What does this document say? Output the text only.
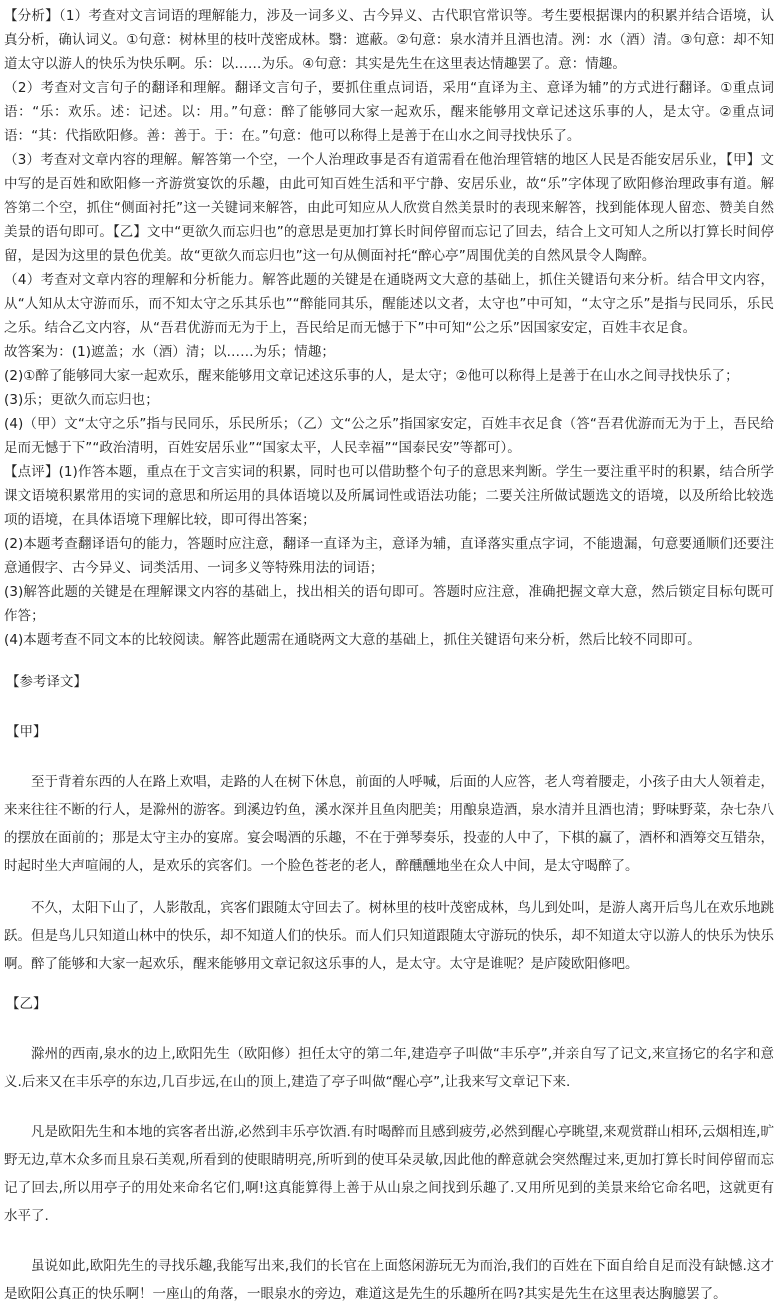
【分析】（1）考查对文言词语的理解能力，涉及一词多义、古今异义、古代职官常识等。考生要根据课内的积累并结合语境，认真分析，确认词义。①句意：树林里的枝叶茂密成林。翳：遮蔽。②句意：泉水清并且酒也清。洌：水（酒）清。③句意：却不知道太守以游人的快乐为快乐啊。乐：以……为乐。④句意：其实是先生在这里表达情趣罢了。意：情趣。

（2）考查对文言句子的翻译和理解。翻译文言句子，要抓住重点词语，采用“直译为主、意译为辅”的方式进行翻译。①重点词语：“乐：欢乐。述：记述。以：用。”句意：醉了能够同大家一起欢乐，醒来能够用文章记述这乐事的人，是太守。②重点词语：“其：代指欧阳修。善：善于。于：在。”句意：他可以称得上是善于在山水之间寻找快乐了。

（3）考查对文章内容的理解。解答第一个空，一个人治理政事是否有道需看在他治理管辖的地区人民是否能安居乐业，【甲】文中写的是百姓和欧阳修一齐游赏宴饮的乐趣，由此可知百姓生活和平宁静、安居乐业，故“乐”字体现了欧阳修治理政事有道。解答第二个空，抓住“侧面衬托”这一关键词来解答，由此可知应从人欣赏自然美景时的表现来解答，找到能体现人留恋、赞美自然美景的语句即可。【乙】文中“更欲久而忘归也”的意思是更加打算长时间停留而忘记了回去，结合上文可知人之所以打算长时间停留，是因为这里的景色优美。故“更欲久而忘归也”这一句从侧面衬托“醉心亭”周围优美的自然风景令人陶醉。

（4）考查对文章内容的理解和分析能力。解答此题的关键是在通晓两文大意的基础上，抓住关键语句来分析。结合甲文内容，从“人知从太守游而乐，而不知太守之乐其乐也”“醉能同其乐，醒能述以文者，太守也”中可知，“太守之乐”是指与民同乐，乐民之乐。结合乙文内容，从“吾君优游而无为于上，吾民给足而无憾于下”中可知“公之乐”因国家安定，百姓丰衣足食。

故答案为：(1)遮盖；水（酒）清；以……为乐；情趣；

(2)①醉了能够同大家一起欢乐，醒来能够用文章记述这乐事的人，是太守；②他可以称得上是善于在山水之间寻找快乐了；

(3)乐；更欲久而忘归也；

(4)（甲）文“太守之乐”指与民同乐，乐民所乐；（乙）文“公之乐”指国家安定，百姓丰衣足食（答“吾君优游而无为于上，吾民给足而无憾于下”“政治清明，百姓安居乐业”“国家太平，人民幸福”“国泰民安”等都可）。

【点评】(1)作答本题，重点在于文言实词的积累，同时也可以借助整个句子的意思来判断。学生一要注重平时的积累，结合所学课文语境积累常用的实词的意思和所运用的具体语境以及所属词性或语法功能；二要关注所做试题选文的语境，以及所给比较选项的语境，在具体语境下理解比较，即可得出答案；

(2)本题考查翻译语句的能力，答题时应注意，翻译一直译为主，意译为辅，直译落实重点字词，不能遗漏，句意要通顺们还要注意通假字、古今异义、词类活用、一词多义等特殊用法的词语；

(3)解答此题的关键是在理解课文内容的基础上，找出相关的语句即可。答题时应注意，准确把握文章大意，然后锁定目标句既可作答；

(4)本题考查不同文本的比较阅读。解答此题需在通晓两文大意的基础上，抓住关键语句来分析，然后比较不同即可。

【参考译文】

【甲】

至于背着东西的人在路上欢唱，走路的人在树下休息，前面的人呼喊，后面的人应答，老人弯着腰走，小孩子由大人领着走，来来往往不断的行人，是滁州的游客。到溪边钓鱼，溪水深并且鱼肉肥美；用酿泉造酒，泉水清并且酒也清；野味野菜，杂七杂八的摆放在面前的；那是太守主办的宴席。宴会喝酒的乐趣，不在于弹琴奏乐，投壶的人中了，下棋的赢了，酒杯和酒筹交互错杂，时起时坐大声喧闹的人，是欢乐的宾客们。一个脸色苍老的老人，醉醺醺地坐在众人中间，是太守喝醉了。

不久，太阳下山了，人影散乱，宾客们跟随太守回去了。树林里的枝叶茂密成林，鸟儿到处叫，是游人离开后鸟儿在欢乐地跳跃。但是鸟儿只知道山林中的快乐，却不知道人们的快乐。而人们只知道跟随太守游玩的快乐，却不知道太守以游人的快乐为快乐啊。醉了能够和大家一起欢乐，醒来能够用文章记叙这乐事的人，是太守。太守是谁呢？是庐陵欧阳修吧。

【乙】

滁州的西南,泉水的边上,欧阳先生（欧阳修）担任太守的第二年,建造亭子叫做“丰乐亭”,并亲自写了记文,来宣扬它的名字和意义.后来又在丰乐亭的东边,几百步远,在山的顶上,建造了亭子叫做“醒心亭”,让我来写文章记下来.

凡是欧阳先生和本地的宾客者出游,必然到丰乐亭饮酒.有时喝醉而且感到疲劳,必然到醒心亭眺望,来观赏群山相环,云烟相连,旷野无边,草木众多而且泉石美观,所看到的使眼睛明亮,所听到的使耳朵灵敏,因此他的醉意就会突然醒过来,更加打算长时间停留而忘记了回去,所以用亭子的用处来命名它们,啊!这真能算得上善于从山泉之间找到乐趣了.又用所见到的美景来给它命名吧，这就更有水平了.

虽说如此,欧阳先生的寻找乐趣,我能写出来,我们的长官在上面悠闲游玩无为而治,我们的百姓在下面自给自足而没有缺憾.这才是欧阳公真正的快乐啊！一座山的角落，一眼泉水的旁边，难道这是先生的乐趣所在吗?其实是先生在这里表达胸臆罢了。
